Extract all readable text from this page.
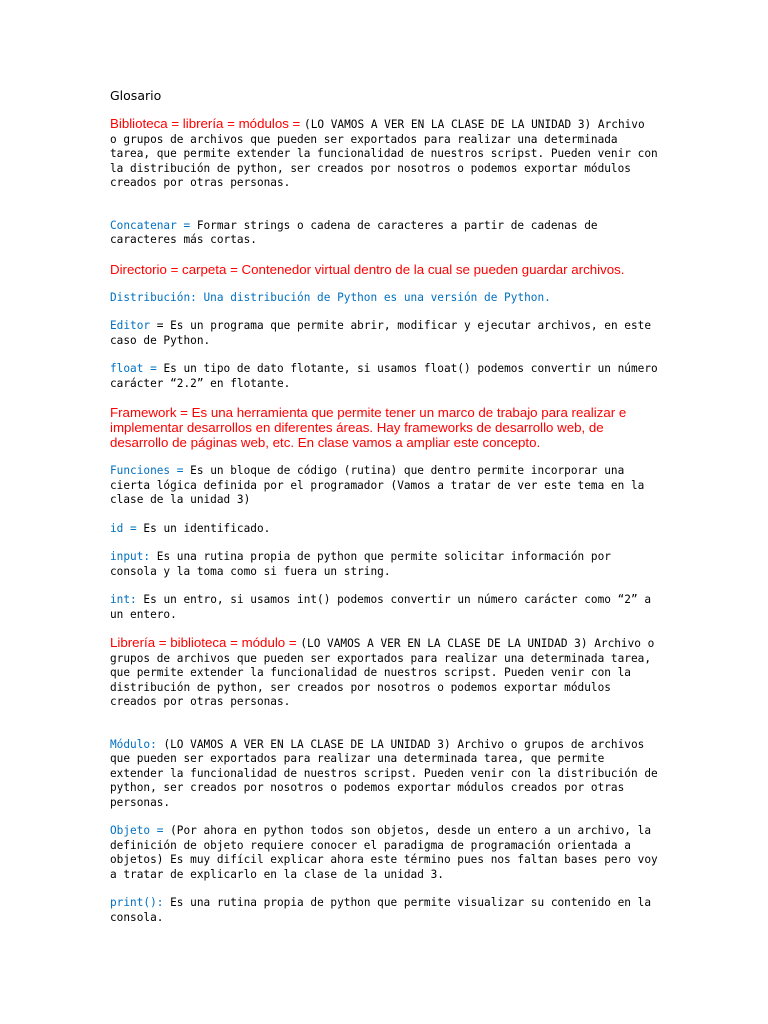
Glosario
Biblioteca = librería = módulos = (LO VAMOS A VER EN LA CLASE DE LA UNIDAD 3) Archivo o grupos de archivos que pueden ser exportados para realizar una determinada tarea, que permite extender la funcionalidad de nuestros scripst. Pueden venir con la distribución de python, ser creados por nosotros o podemos exportar módulos creados por otras personas.
Concatenar = Formar strings o cadena de caracteres a partir de cadenas de caracteres más cortas.
Directorio = carpeta = Contenedor virtual dentro de la cual se pueden guardar archivos.
Distribución: Una distribución de Python es una versión de Python.
Editor = Es un programa que permite abrir, modificar y ejecutar archivos, en este caso de Python.
float = Es un tipo de dato flotante, si usamos float() podemos convertir un número carácter “2.2” en flotante.
Framework = Es una herramienta que permite tener un marco de trabajo para realizar e implementar desarrollos en diferentes áreas. Hay frameworks de desarrollo web, de desarrollo de páginas web, etc. En clase vamos a ampliar este concepto.
Funciones = Es un bloque de código (rutina) que dentro permite incorporar una cierta lógica definida por el programador (Vamos a tratar de ver este tema en la clase de la unidad 3)
id = Es un identificado.
input: Es una rutina propia de python que permite solicitar información por consola y la toma como si fuera un string.
int: Es un entro, si usamos int() podemos convertir un número carácter como “2” a un entero.
Librería = biblioteca = módulo = (LO VAMOS A VER EN LA CLASE DE LA UNIDAD 3) Archivo o grupos de archivos que pueden ser exportados para realizar una determinada tarea, que permite extender la funcionalidad de nuestros scripst. Pueden venir con la distribución de python, ser creados por nosotros o podemos exportar módulos creados por otras personas.
Módulo: (LO VAMOS A VER EN LA CLASE DE LA UNIDAD 3) Archivo o grupos de archivos que pueden ser exportados para realizar una determinada tarea, que permite extender la funcionalidad de nuestros scripst. Pueden venir con la distribución de python, ser creados por nosotros o podemos exportar módulos creados por otras personas.
Objeto = (Por ahora en python todos son objetos, desde un entero a un archivo, la definición de objeto requiere conocer el paradigma de programación orientada a objetos) Es muy difícil explicar ahora este término pues nos faltan bases pero voy a tratar de explicarlo en la clase de la unidad 3.
print(): Es una rutina propia de python que permite visualizar su contenido en la consola.
